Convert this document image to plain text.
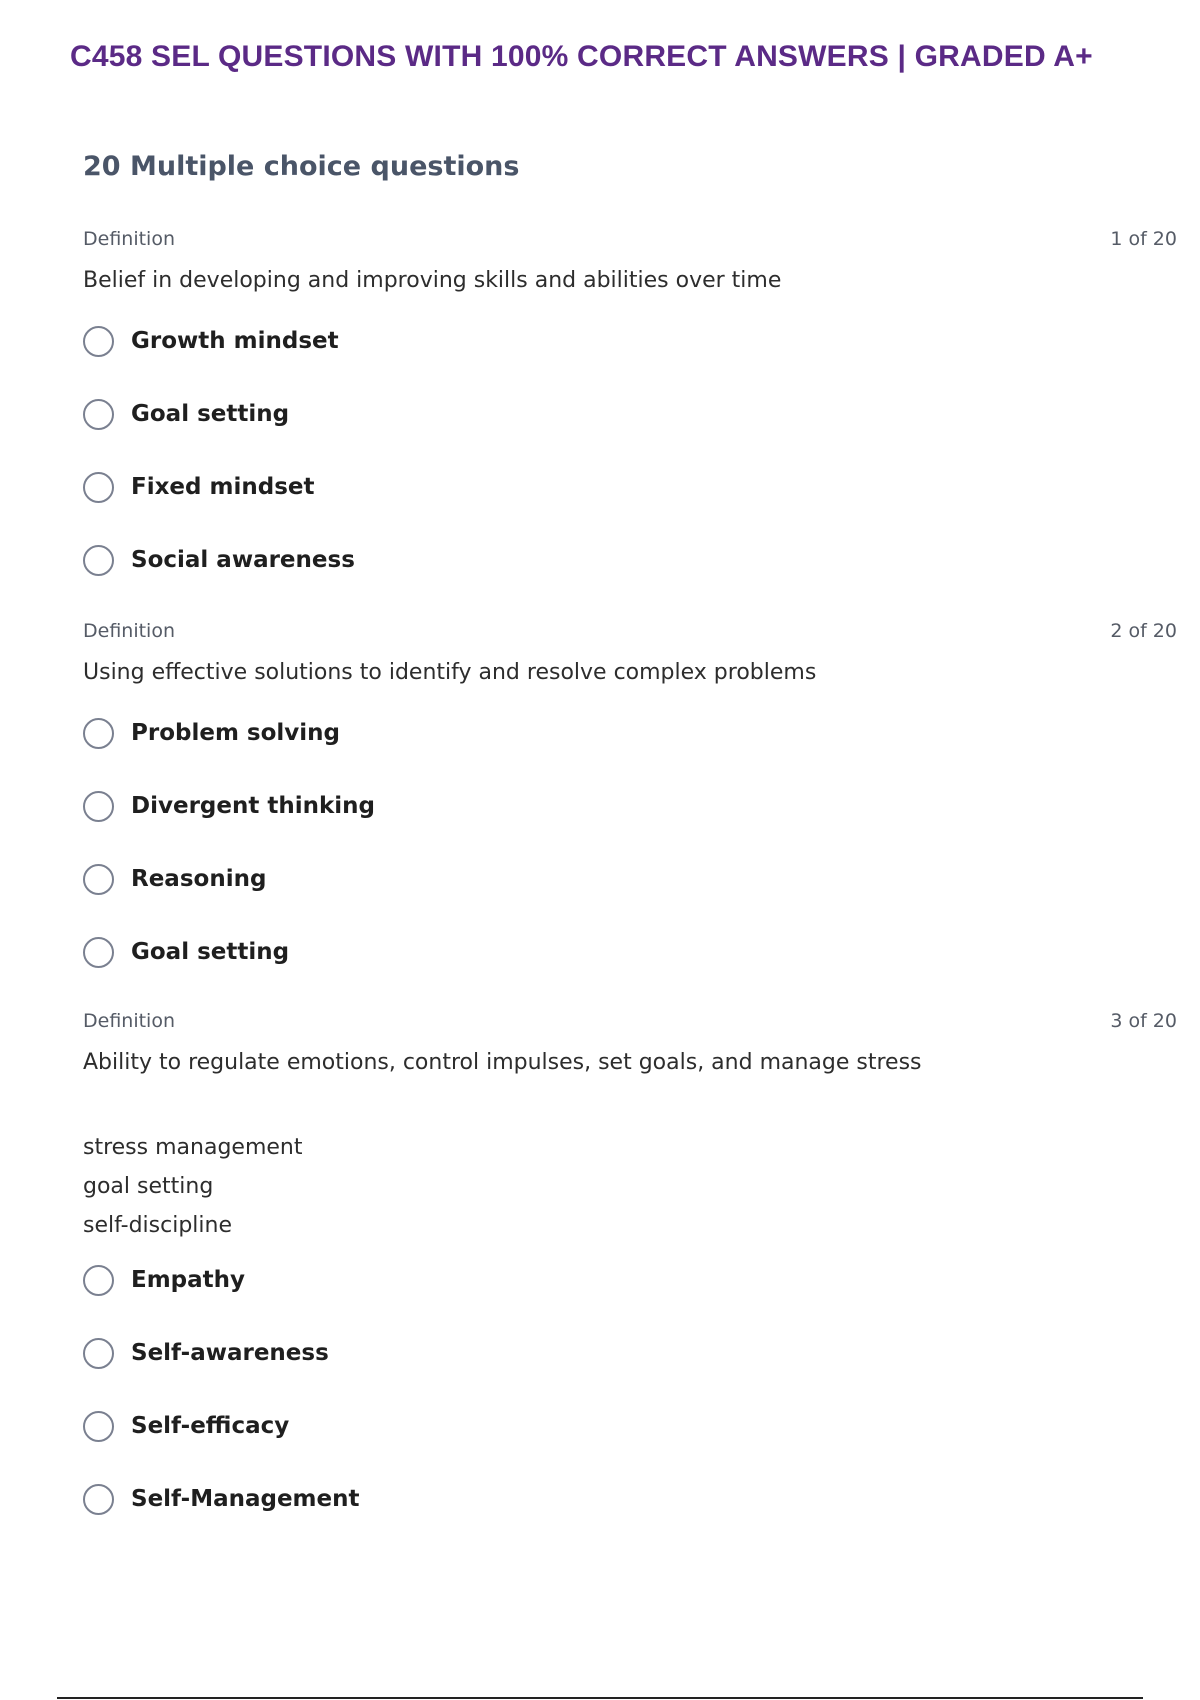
C458 SEL QUESTIONS WITH 100% CORRECT ANSWERS | GRADED A+
20 Multiple choice questions
Definition	1 of 20
Belief in developing and improving skills and abilities over time
Growth mindset
Goal setting
Fixed mindset
Social awareness
Definition	2 of 20
Using effective solutions to identify and resolve complex problems
Problem solving
Divergent thinking
Reasoning
Goal setting
Definition	3 of 20
Ability to regulate emotions, control impulses, set goals, and manage stress
stress management
goal setting
self-discipline
Empathy
Self-awareness
Self-efficacy
Self-Management
